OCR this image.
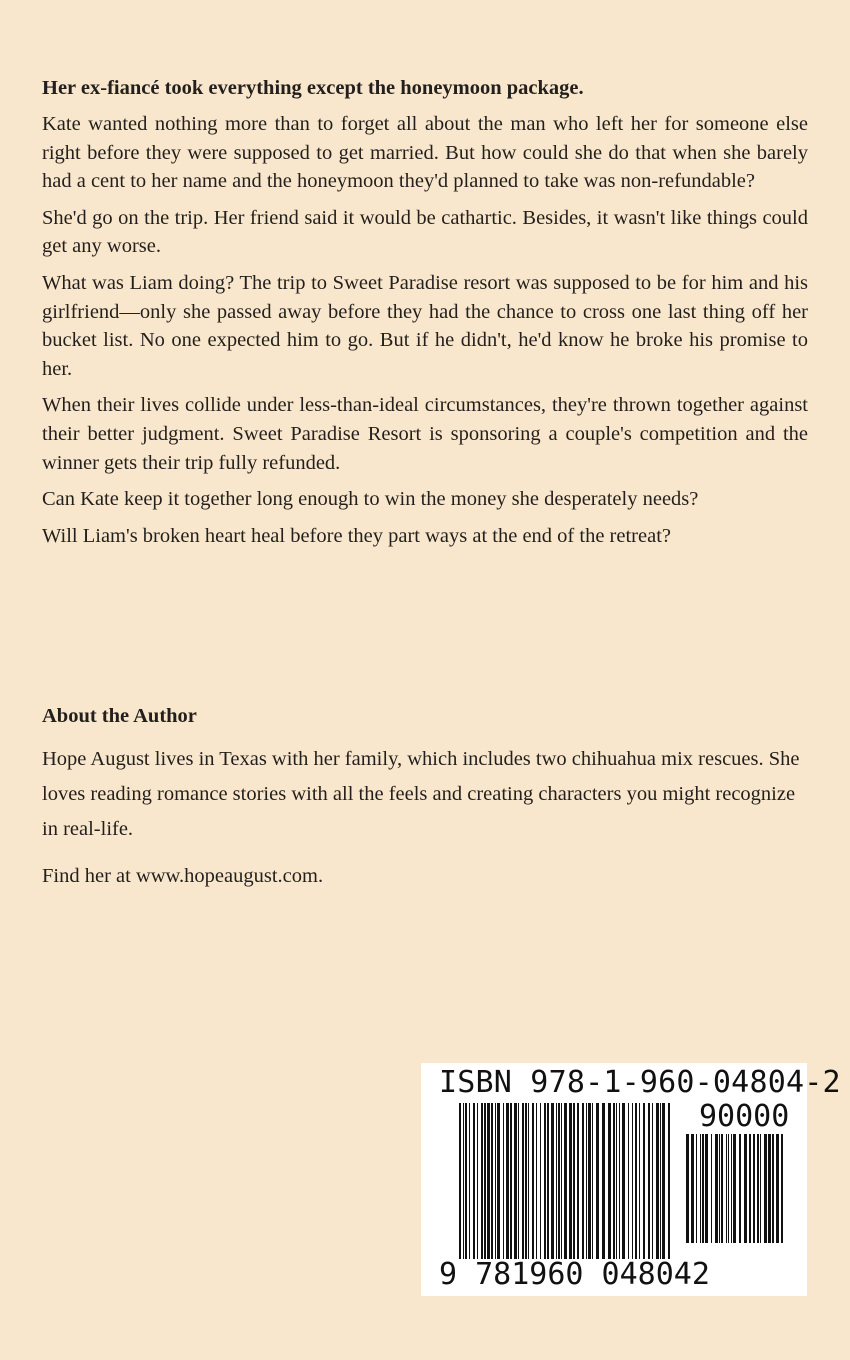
Her ex-fiancé took everything except the honeymoon package.

Kate wanted nothing more than to forget all about the man who left her for someone else right before they were supposed to get married. But how could she do that when she barely had a cent to her name and the honeymoon they'd planned to take was non-refundable?

She'd go on the trip. Her friend said it would be cathartic. Besides, it wasn't like things could get any worse.

What was Liam doing? The trip to Sweet Paradise resort was supposed to be for him and his girlfriend—only she passed away before they had the chance to cross one last thing off her bucket list. No one expected him to go. But if he didn't, he'd know he broke his promise to her.

When their lives collide under less-than-ideal circumstances, they're thrown together against their better judgment. Sweet Paradise Resort is sponsoring a couple's competition and the winner gets their trip fully refunded.

Can Kate keep it together long enough to win the money she desperately needs?

Will Liam's broken heart heal before they part ways at the end of the retreat?

About the Author

Hope August lives in Texas with her family, which includes two chihuahua mix rescues. She loves reading romance stories with all the feels and creating characters you might recognize in real-life.

Find her at www.hopeaugust.com.

ISBN 978-1-960-04804-2
90000
9 781960 048042
